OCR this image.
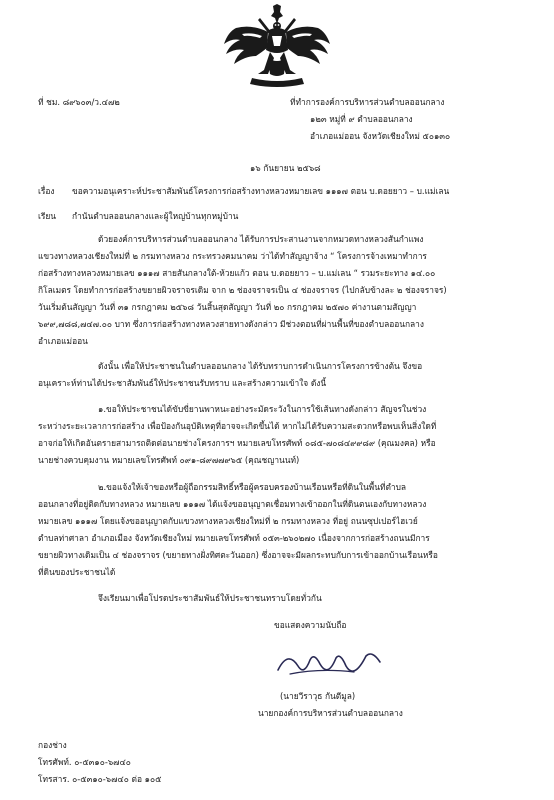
ที่ ชม. ๘๙๖๐๓/ว.๔๗๒	ที่ทำการองค์การบริหารส่วนตำบลออนกลาง
๑๒๓ หมู่ที่ ๙ ตำบลออนกลาง
อำเภอแม่ออน จังหวัดเชียงใหม่ ๕๐๑๓๐
๑๖ กันยายน ๒๕๖๘
เรื่อง ขอความอนุเคราะห์ประชาสัมพันธ์โครงการก่อสร้างทางหลวงหมายเลข ๑๑๑๗ ตอน บ.ดอยยาว – บ.แม่เลน
เรียน กำนันตำบลออนกลางและผู้ใหญ่บ้านทุกหมู่บ้าน
ด้วยองค์การบริหารส่วนตำบลออนกลาง ได้รับการประสานงานจากหมวดทางหลวงสันกำแพง
แขวงทางหลวงเชียงใหม่ที่ ๒ กรมทางหลวง กระทรวงคมนาคม ว่าได้ทำสัญญาจ้าง “ โครงการจ้างเหมาทำการ
ก่อสร้างทางหลวงหมายเลข ๑๑๑๗ สายสันกลางใต้-ห้วยแก้ว ตอน บ.ดอยยาว – บ.แม่เลน “ รวมระยะทาง ๑๔.๐๐
กิโลเมตร โดยทำการก่อสร้างขยายผิวจราจรเดิม จาก ๒ ช่องจราจรเป็น ๔ ช่องจราจร (ไปกลับข้างละ ๒ ช่องจราจร)
วันเริ่มต้นสัญญา วันที่ ๓๑ กรกฎาคม ๒๕๖๘ วันสิ้นสุดสัญญา วันที่ ๒๐ กรกฎาคม ๒๕๗๐ ค่างานตามสัญญา
๖๙๙,๗๘๘,๗๔๗.๐๐ บาท ซึ่งการก่อสร้างทางหลวงสายทางดังกล่าว มีช่วงตอนที่ผ่านพื้นที่ของตำบลออนกลาง
อำเภอแม่ออน
ดังนั้น เพื่อให้ประชาชนในตำบลออนกลาง ได้รับทราบการดำเนินการโครงการข้างต้น จึงขอ
อนุเคราะห์ท่านได้ประชาสัมพันธ์ให้ประชาชนรับทราบ และสร้างความเข้าใจ ดังนี้
๑.ขอให้ประชาชนได้ขับขี่ยานพาหนะอย่างระมัดระวังในการใช้เส้นทางดังกล่าว สัญจรในช่วง
ระหว่างระยะเวลาการก่อสร้าง เพื่อป้องกันอุบัติเหตุที่อาจจะเกิดขึ้นได้ หากไม่ได้รับความสะดวกหรือพบเห็นสิ่งใดที่
อาจก่อให้เกิดอันตรายสามารถติดต่อนายช่างโครงการฯ หมายเลขโทรศัพท์ ๐๘๕-๗๐๘๔๙๙๘๙ (คุณมงคล) หรือ
นายช่างควบคุมงาน หมายเลขโทรศัพท์ ๐๙๑-๘๙๗๗๙๖๕ (คุณชญานนท์)
๒.ขอแจ้งให้เจ้าของหรือผู้ถือกรรมสิทธิ์หรือผู้ครอบครองบ้านเรือนหรือที่ดินในพื้นที่ตำบล
ออนกลางที่อยู่ติดกับทางหลวง หมายเลข ๑๑๑๗ ได้แจ้งขออนุญาตเชื่อมทางเข้าออกในที่ดินตนเองกับทางหลวง
หมายเลข ๑๑๑๗ โดยแจ้งขออนุญาตกับแขวงทางหลวงเชียงใหม่ที่ ๒ กรมทางหลวง ที่อยู่ ถนนซุปเปอร์ไฮเวย์
ตำบลท่าศาลา อำเภอเมือง จังหวัดเชียงใหม่ หมายเลขโทรศัพท์ ๐๕๓-๒๖๐๒๗๐ เนื่องจากการก่อสร้างถนนมีการ
ขยายผิวทางเดิมเป็น ๔ ช่องจราจร (ขยายทางฝั่งทิศตะวันออก) ซึ่งอาจจะมีผลกระทบกับการเข้าออกบ้านเรือนหรือ
ที่ดินของประชาชนได้
จึงเรียนมาเพื่อโปรดประชาสัมพันธ์ให้ประชาชนทราบโดยทั่วกัน
ขอแสดงความนับถือ
(นายวีราวุธ กันตีมูล)
นายกองค์การบริหารส่วนตำบลออนกลาง
กองช่าง
โทรศัพท์. ๐-๕๓๑๐-๖๗๔๐
โทรสาร. ๐-๕๓๑๐-๖๗๔๐ ต่อ ๑๐๕
